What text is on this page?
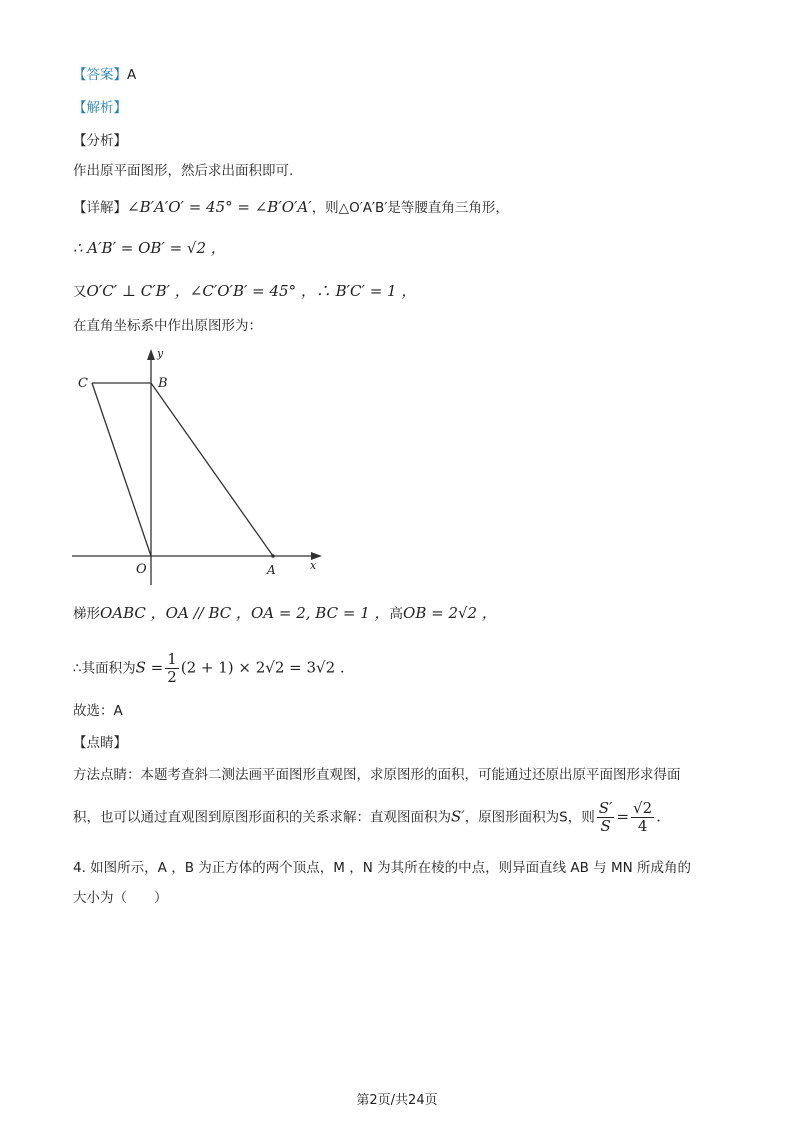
【答案】A
【解析】
【分析】
作出原平面图形，然后求出面积即可.
【详解】∠B′A′O′ = 45° = ∠B′O′A′，则△O′A′B′是等腰直角三角形，
∴ A′B′ = OB′ = √2 ，
又O′C′ ⊥ C′B′ ，∠C′O′B′ = 45° ，∴ B′C′ = 1 ，
在直角坐标系中作出原图形为：
C	B
O	A	x
y
梯形OABC ，OA // BC ，OA = 2, BC = 1 ，高OB = 2√2 ，
∴其面积为$S = \frac{1}{2} (2 + 1) \times 2√2 = 3√2$ .
故选：A
【点睛】
方法点睛：本题考查斜二测法画平面图形直观图，求原图形的面积，可能通过还原出原平面图形求得面
积，也可以通过直观图到原图形面积的关系求解：直观图面积为S′，原图形面积为S，则 $\frac{S'}{S} = \frac{√2}{4}$ .
4. 如图所示，A ，B 为正方体的两个顶点，M ，N 为其所在棱的中点，则异面直线 AB 与 MN 所成角的
大小为（　　）
第2页/共24页
